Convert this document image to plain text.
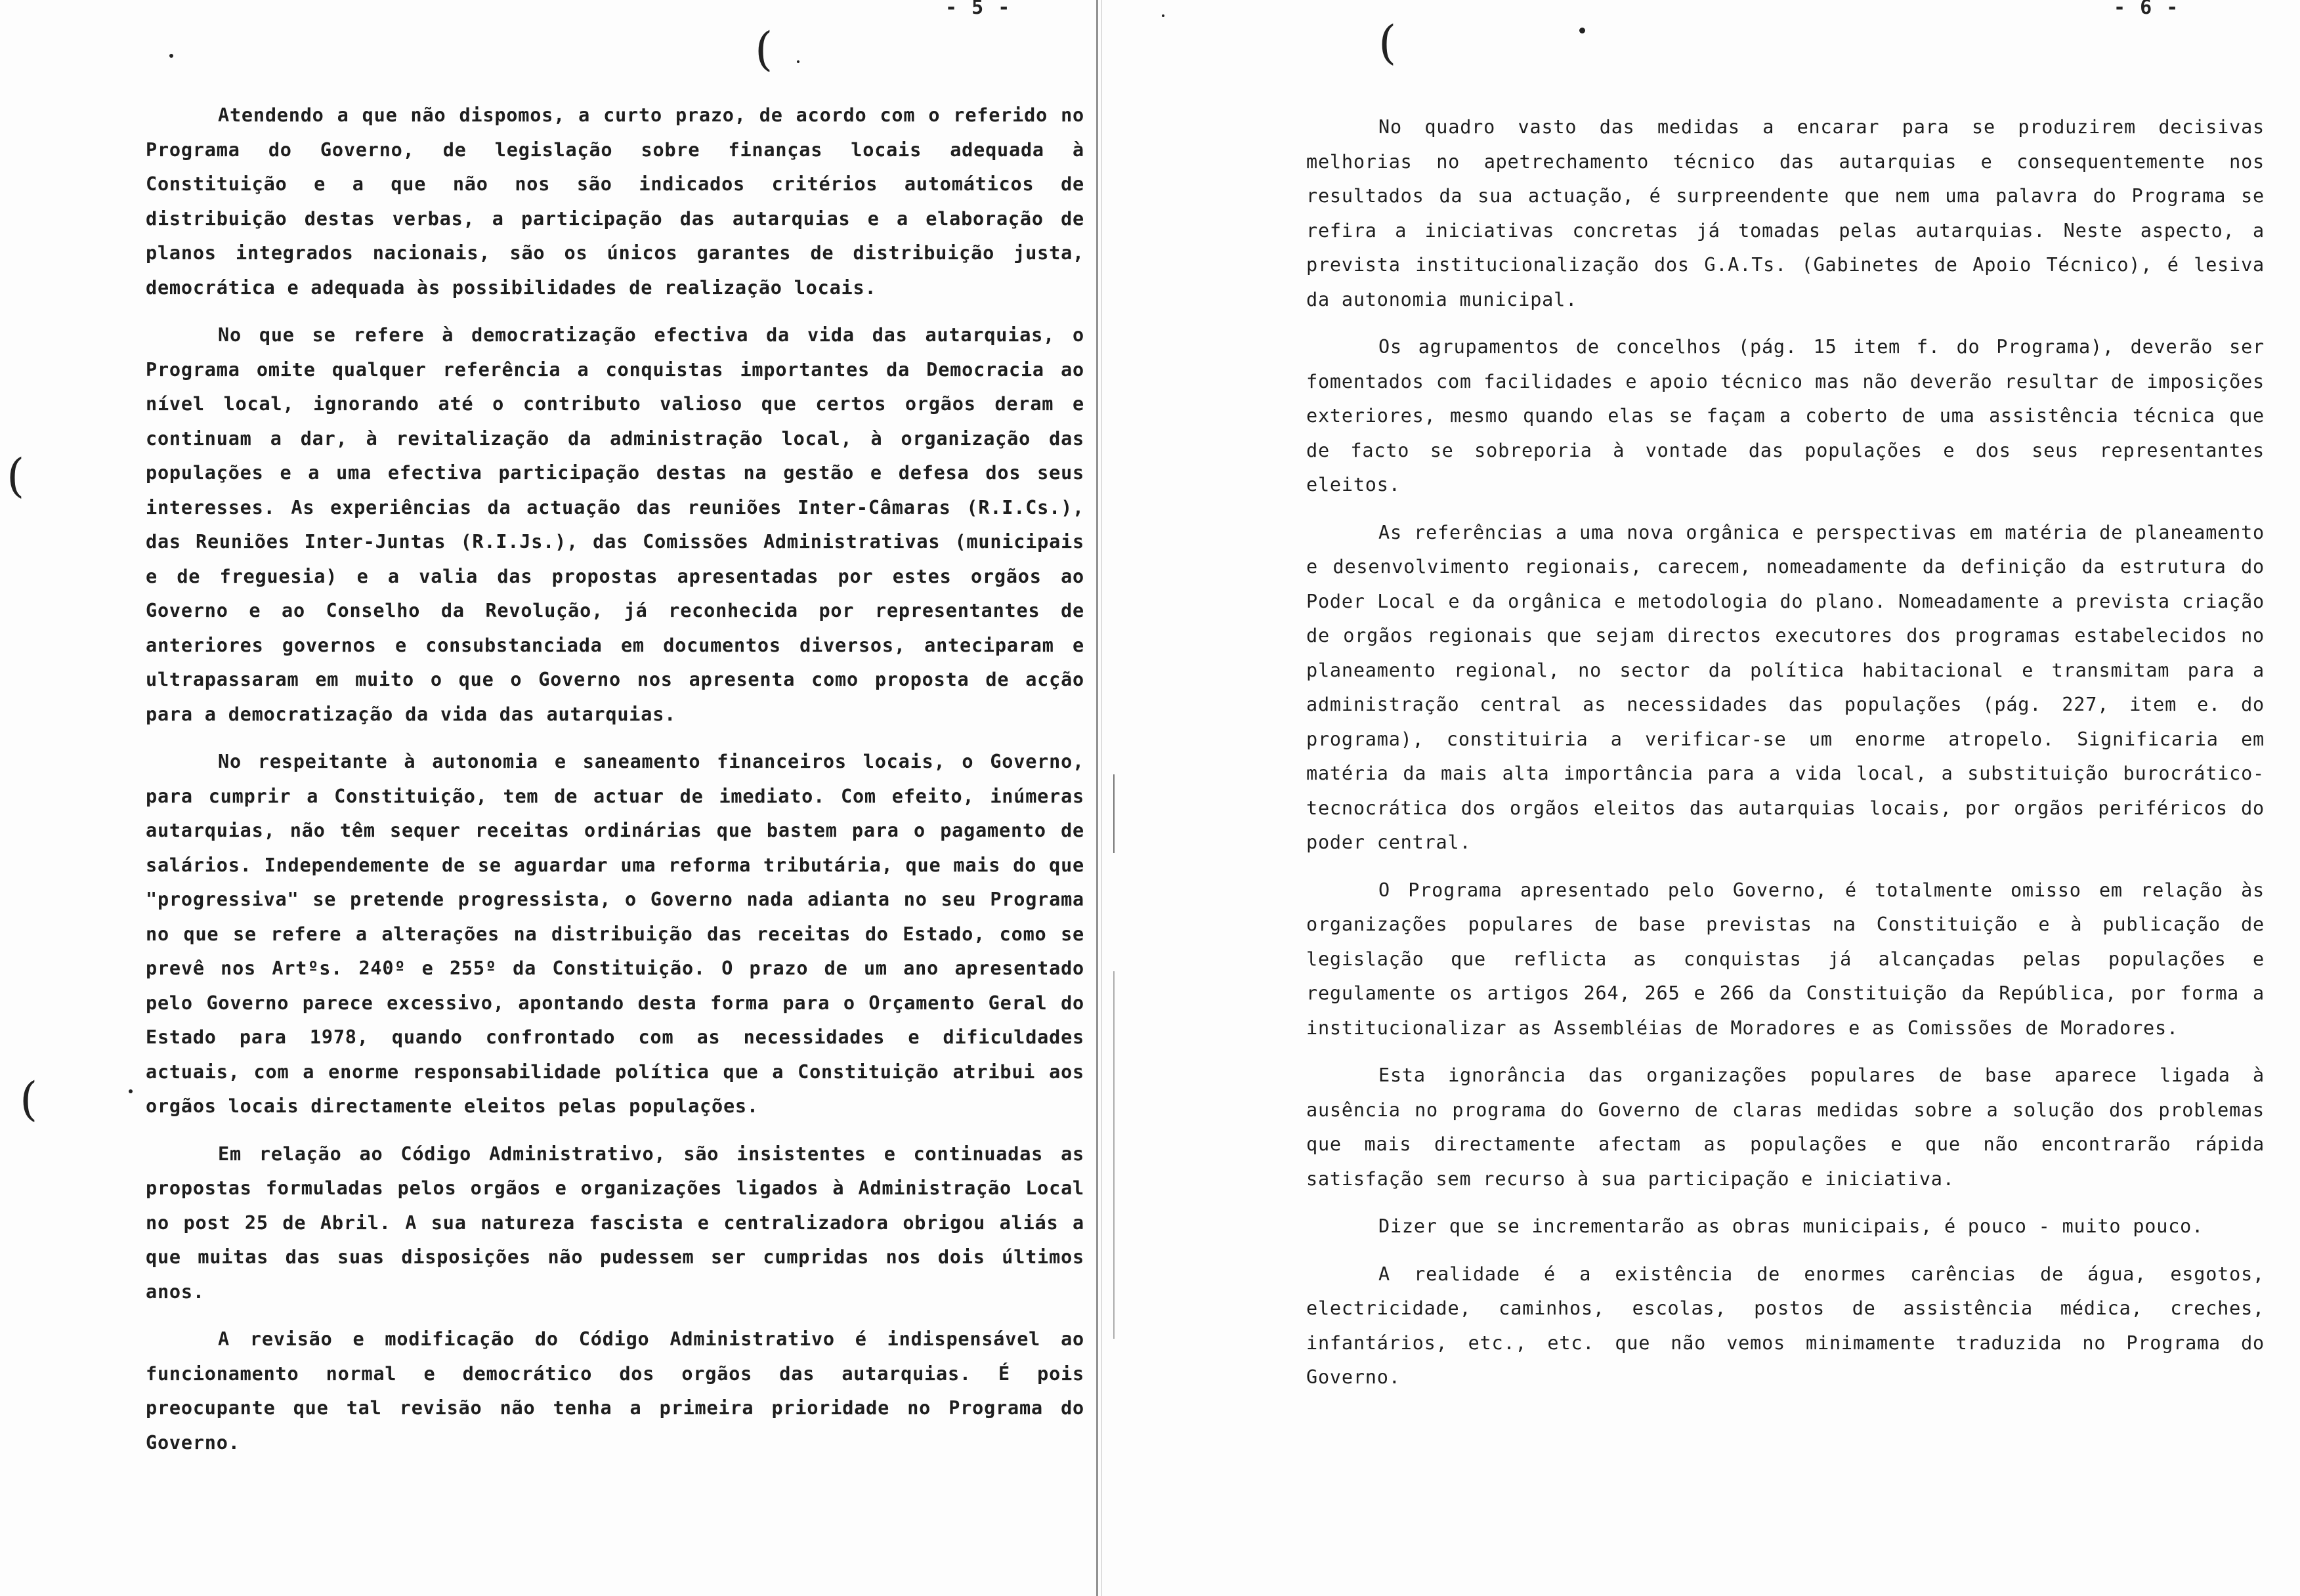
- 5 -
(
(
(

Atendendo a que não dispomos, a curto prazo, de acordo com o referido no Programa do Governo, de legislação sobre finanças locais adequada à Constituição e a que não nos são indicados critérios automáticos de distribuição destas verbas, a participação das autarquias e a elaboração de planos integrados nacionais, são os únicos garantes de distribuição justa, democrática e adequada às possibilidades de realização locais.

No que se refere à democratização efectiva da vida das autarquias, o Programa omite qualquer referência a conquistas importantes da Democracia ao nível local, ignorando até o contributo valioso que certos orgãos deram e continuam a dar, à revitalização da administração local, à organização das populações e a uma efectiva participação destas na gestão e defesa dos seus interesses. As experiências da actuação das reuniões Inter-Câmaras (R.I.Cs.), das Reuniões Inter-Juntas (R.I.Js.), das Comissões Administrativas (municipais e de freguesia) e a valia das propostas apresentadas por estes orgãos ao Governo e ao Conselho da Revolução, já reconhecida por representantes de anteriores governos e consubstanciada em documentos diversos, anteciparam e ultrapassaram em muito o que o Governo nos apresenta como proposta de acção para a democratização da vida das autarquias.

No respeitante à autonomia e saneamento financeiros locais, o Governo, para cumprir a Constituição, tem de actuar de imediato. Com efeito, inúmeras autarquias, não têm sequer receitas ordinárias que bastem para o pagamento de salários. Independemente de se aguardar uma reforma tributária, que mais do que "progressiva" se pretende progressista, o Governo nada adianta no seu Programa no que se refere a alterações na distribuição das receitas do Estado, como se prevê nos Artºs. 240º e 255º da Constituição. O prazo de um ano apresentado pelo Governo parece excessivo, apontando desta forma para o Orçamento Geral do Estado para 1978, quando confrontado com as necessidades e dificuldades actuais, com a enorme responsabilidade política que a Constituição atribui aos orgãos locais directamente eleitos pelas populações.

Em relação ao Código Administrativo, são insistentes e continuadas as propostas formuladas pelos orgãos e organizações ligados à Administração Local no post 25 de Abril. A sua natureza fascista e centralizadora obrigou aliás a que muitas das suas disposições não pudessem ser cumpridas nos dois últimos anos.

A revisão e modificação do Código Administrativo é indispensável ao funcionamento normal e democrático dos orgãos das autarquias. É pois preocupante que tal revisão não tenha a primeira prioridade no Programa do Governo.

- 6 -
(

No quadro vasto das medidas a encarar para se produzirem decisivas melhorias no apetrechamento técnico das autarquias e consequentemente nos resultados da sua actuação, é surpreendente que nem uma palavra do Programa se refira a iniciativas concretas já tomadas pelas autarquias. Neste aspecto, a prevista institucionalização dos G.A.Ts. (Gabinetes de Apoio Técnico), é lesiva da autonomia municipal.

Os agrupamentos de concelhos (pág. 15 item f. do Programa), deverão ser fomentados com facilidades e apoio técnico mas não deverão resultar de imposições exteriores, mesmo quando elas se façam a coberto de uma assistência técnica que de facto se sobreporia à vontade das populações e dos seus representantes eleitos.

As referências a uma nova orgânica e perspectivas em matéria de planeamento e desenvolvimento regionais, carecem, nomeadamente da definição da estrutura do Poder Local e da orgânica e metodologia do plano. Nomeadamente a prevista criação de orgãos regionais que sejam directos executores dos programas estabelecidos no planeamento regional, no sector da política habitacional e transmitam para a administração central as necessidades das populações (pág. 227, item e. do programa), constituiria a verificar-se um enorme atropelo. Significaria em matéria da mais alta importância para a vida local, a substituição burocrático-tecnocrática dos orgãos eleitos das autarquias locais, por orgãos periféricos do poder central.

O Programa apresentado pelo Governo, é totalmente omisso em relação às organizações populares de base previstas na Constituição e à publicação de legislação que reflicta as conquistas já alcançadas pelas populações e regulamente os artigos 264, 265 e 266 da Constituição da República, por forma a institucionalizar as Assembléias de Moradores e as Comissões de Moradores.

Esta ignorância das organizações populares de base aparece ligada à ausência no programa do Governo de claras medidas sobre a solução dos problemas que mais directamente afectam as populações e que não encontrarão rápida satisfação sem recurso à sua participação e iniciativa.

Dizer que se incrementarão as obras municipais, é pouco - muito pouco.

A realidade é a existência de enormes carências de água, esgotos, electricidade, caminhos, escolas, postos de assistência médica, creches, infantários, etc., etc. que não vemos minimamente traduzida no Programa do Governo.
